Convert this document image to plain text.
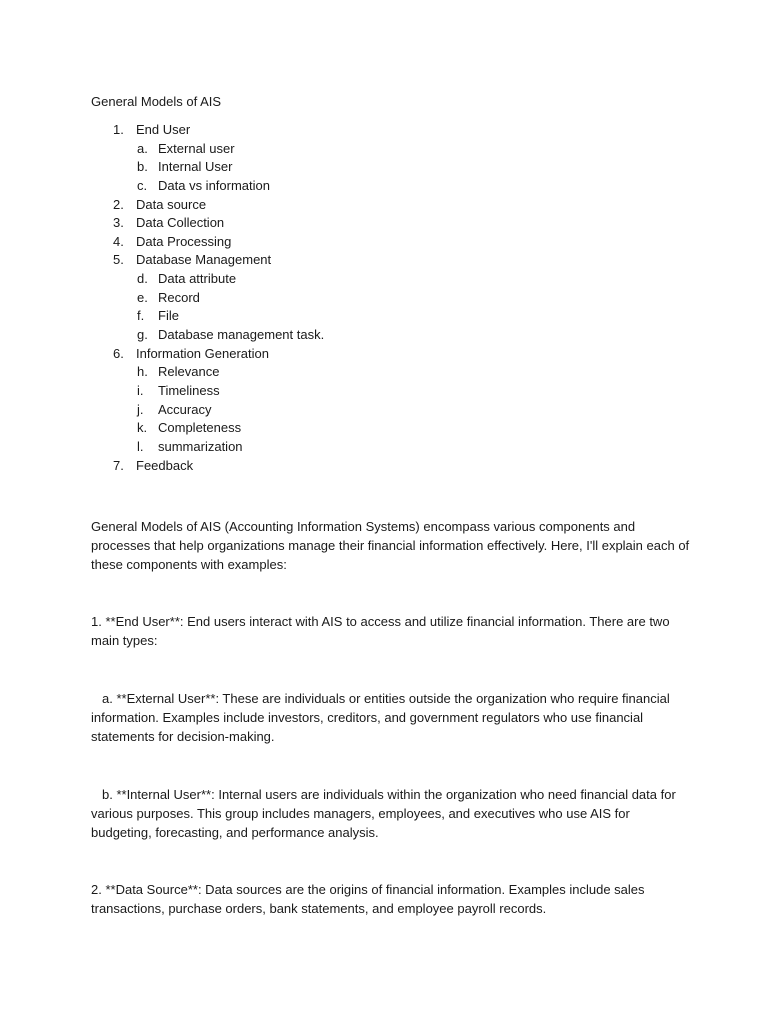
General Models of AIS
1. End User
a. External user
b. Internal User
c. Data vs information
2. Data source
3. Data Collection
4. Data Processing
5. Database Management
d. Data attribute
e. Record
f. File
g. Database management task.
6. Information Generation
h. Relevance
i. Timeliness
j. Accuracy
k. Completeness
l. summarization
7. Feedback

General Models of AIS (Accounting Information Systems) encompass various components and processes that help organizations manage their financial information effectively. Here, I'll explain each of these components with examples:

1. **End User**: End users interact with AIS to access and utilize financial information. There are two main types:

a. **External User**: These are individuals or entities outside the organization who require financial information. Examples include investors, creditors, and government regulators who use financial statements for decision-making.

b. **Internal User**: Internal users are individuals within the organization who need financial data for various purposes. This group includes managers, employees, and executives who use AIS for budgeting, forecasting, and performance analysis.

2. **Data Source**: Data sources are the origins of financial information. Examples include sales transactions, purchase orders, bank statements, and employee payroll records.
